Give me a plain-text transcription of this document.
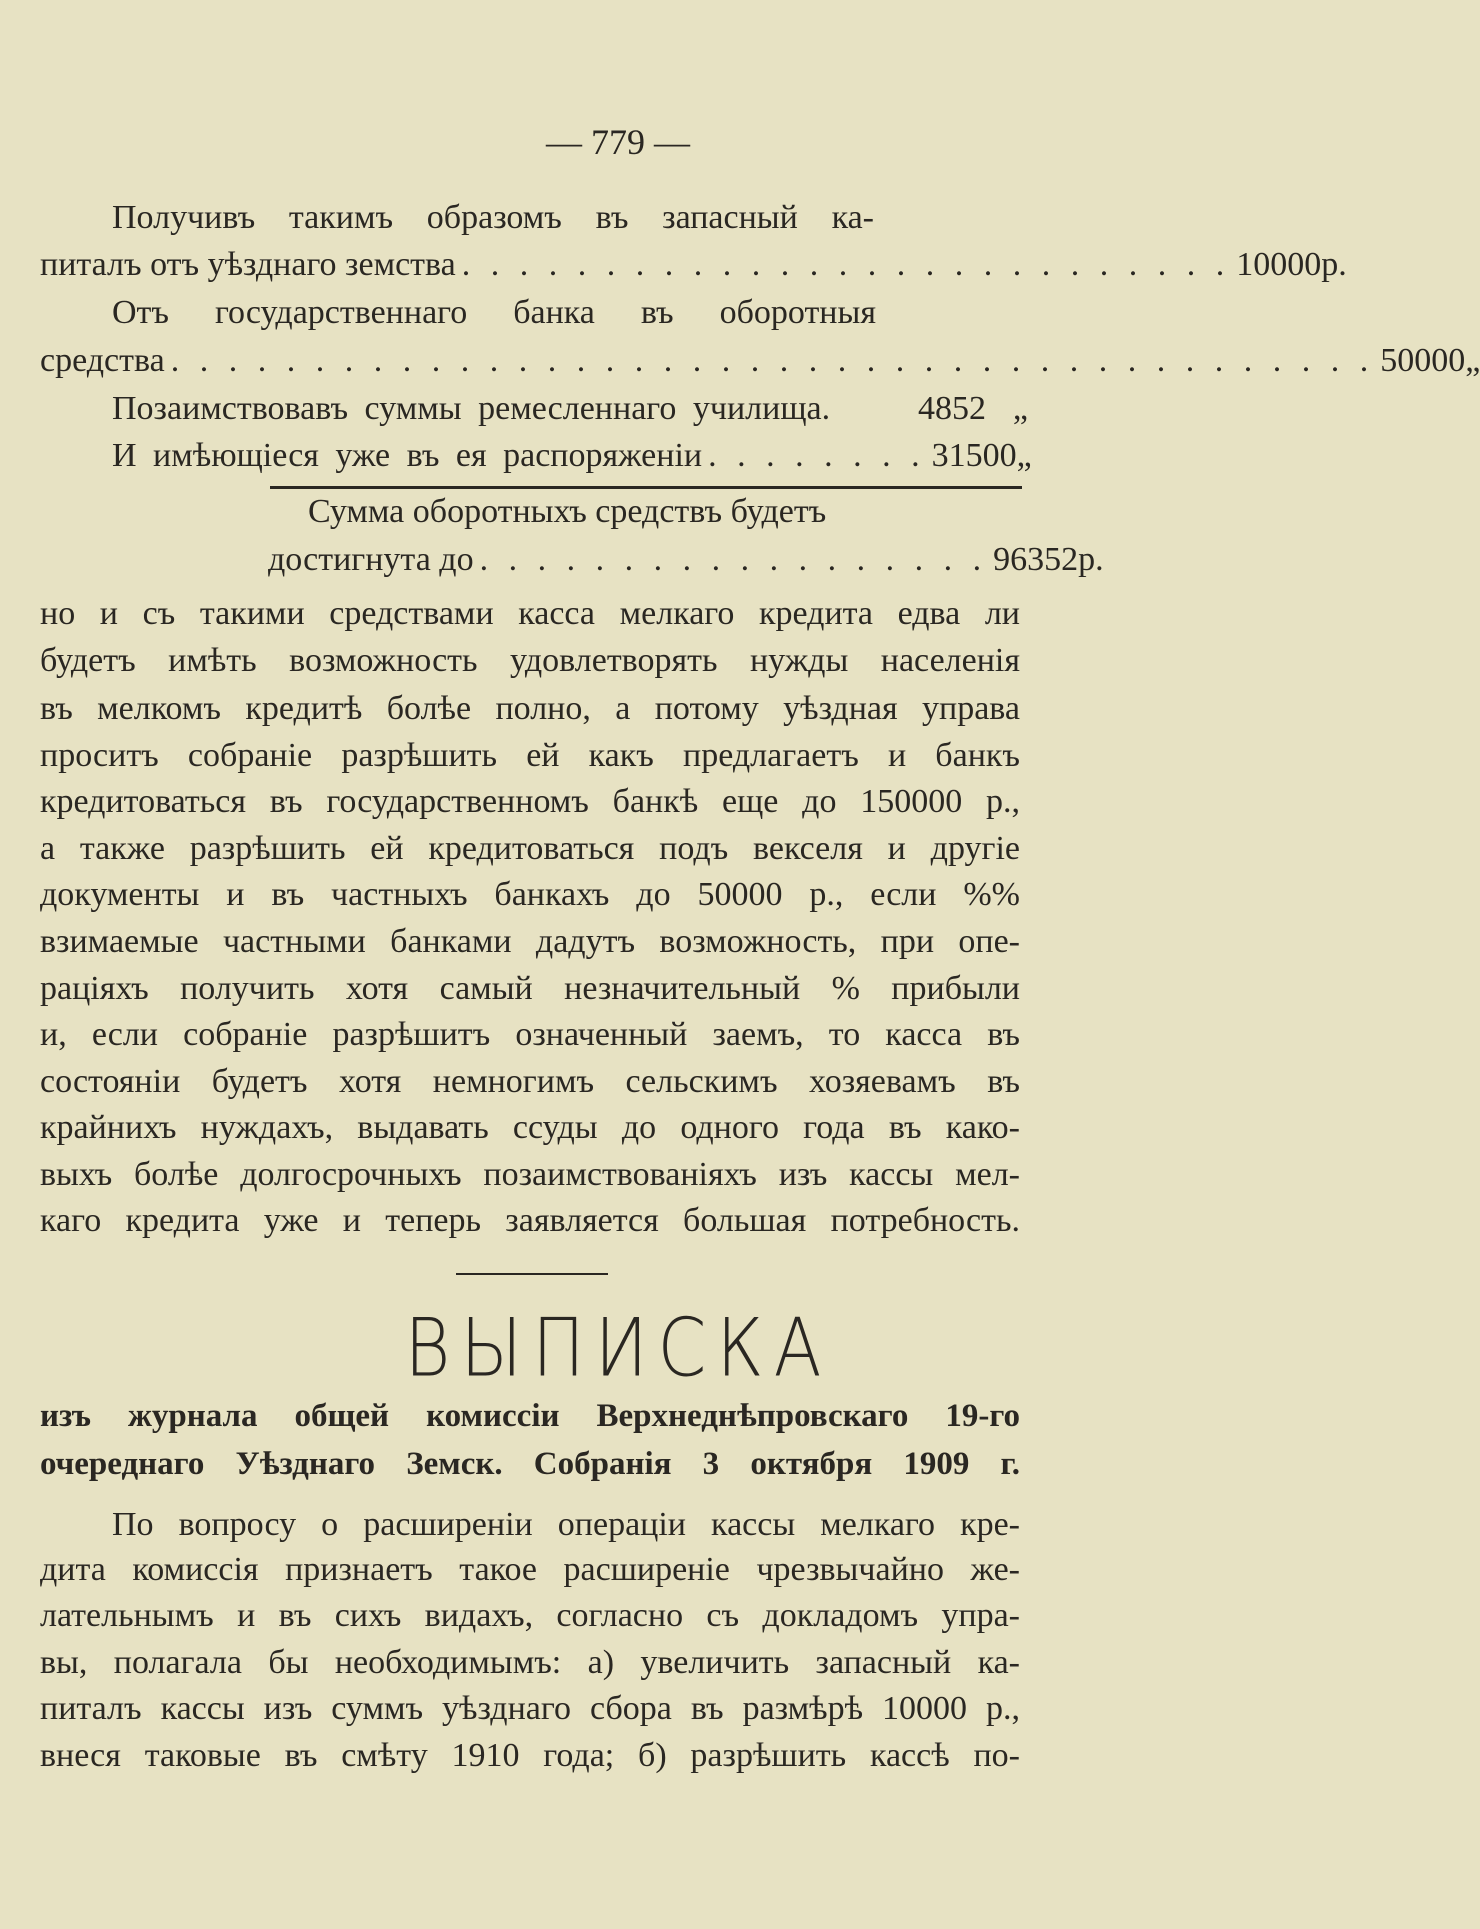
— 779 —
Получивъ такимъ образомъ въ запасный ка-
питалъ отъ уѣзднаго земства . . . . . . . . . . . . . . . . . . . . . . . . . . . 10000 р.
Отъ государственнаго банка въ оборотныя
средства . . . . . . . . . . . . . . . . . . . . . . . . . . . . . . . . . . . . . . . . . . 50000 „
Позаимствовавъ суммы ремесленнаго училища.	4852 „
И имѣющіеся уже въ ея распоряженіи . . . . . . . . 31500 „
Сумма оборотныхъ средствъ будетъ
достигнута до . . . . . . . . . . . . . . . . . . 96352 р.
но и съ такими средствами касса мелкаго кредита едва ли
будетъ имѣть возможность удовлетворять нужды населенія
въ мелкомъ кредитѣ болѣе полно, а потому уѣздная управа
проситъ собраніе разрѣшить ей какъ предлагаетъ и банкъ
кредитоваться въ государственномъ банкѣ еще до 150000 р.,
а также разрѣшить ей кредитоваться подъ векселя и другіе
документы и въ частныхъ банкахъ до 50000 р., если %%
взимаемые частными банками дадутъ возможность, при опе-
раціяхъ получить хотя самый незначительный % прибыли
и, если собраніе разрѣшитъ означенный заемъ, то касса въ
состояніи будетъ хотя немногимъ сельскимъ хозяевамъ въ
крайнихъ нуждахъ, выдавать ссуды до одного года въ како-
выхъ болѣе долгосрочныхъ позаимствованіяхъ изъ кассы мел-
каго кредита уже и теперь заявляется большая потребность.
ВЫПИСКА
изъ журнала общей комиссіи Верхнеднѣпровскаго 19-го
очереднаго Уѣзднаго Земск. Собранія 3 октября 1909 г.
По вопросу о расширеніи операціи кассы мелкаго кре-
дита комиссія признаетъ такое расширеніе чрезвычайно же-
лательнымъ и въ сихъ видахъ, согласно съ докладомъ упра-
вы, полагала бы необходимымъ: а) увеличить запасный ка-
питалъ кассы изъ суммъ уѣзднаго сбора въ размѣрѣ 10000 р.,
внеся таковые въ смѣту 1910 года; б) разрѣшить кассѣ по-
